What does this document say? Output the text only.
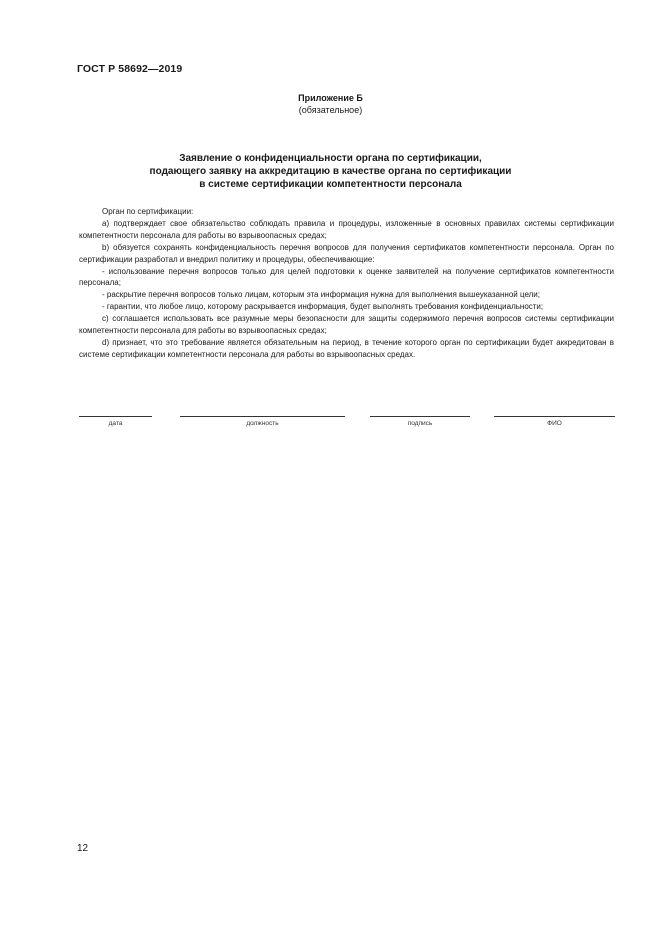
ГОСТ Р 58692—2019
Приложение Б
(обязательное)
Заявление о конфиденциальности органа по сертификации,
подающего заявку на аккредитацию в качестве органа по сертификации
в системе сертификации компетентности персонала

Орган по сертификации:

а) подтверждает свое обязательство соблюдать правила и процедуры, изложенные в основных правилах системы сертификации компетентности персонала для работы во взрывоопасных средах;

b) обязуется сохранять конфиденциальность перечня вопросов для получения сертификатов компетентности персонала. Орган по сертификации разработал и внедрил политику и процедуры, обеспечивающие:

- использование перечня вопросов только для целей подготовки к оценке заявителей на получение сертификатов компетентности персонала;

- раскрытие перечня вопросов только лицам, которым эта информация нужна для выполнения вышеуказанной цели;

- гарантии, что любое лицо, которому раскрывается информация, будет выполнять требования конфиденциальности;

c) соглашается использовать все разумные меры безопасности для защиты содержимого перечня вопросов системы сертификации компетентности персонала для работы во взрывоопасных средах;

d) признает, что это требование является обязательным на период, в течение которого орган по сертификации будет аккредитован в системе сертификации компетентности персонала для работы во взрывоопасных средах.

дата	должность	подпись	ФИО
12
